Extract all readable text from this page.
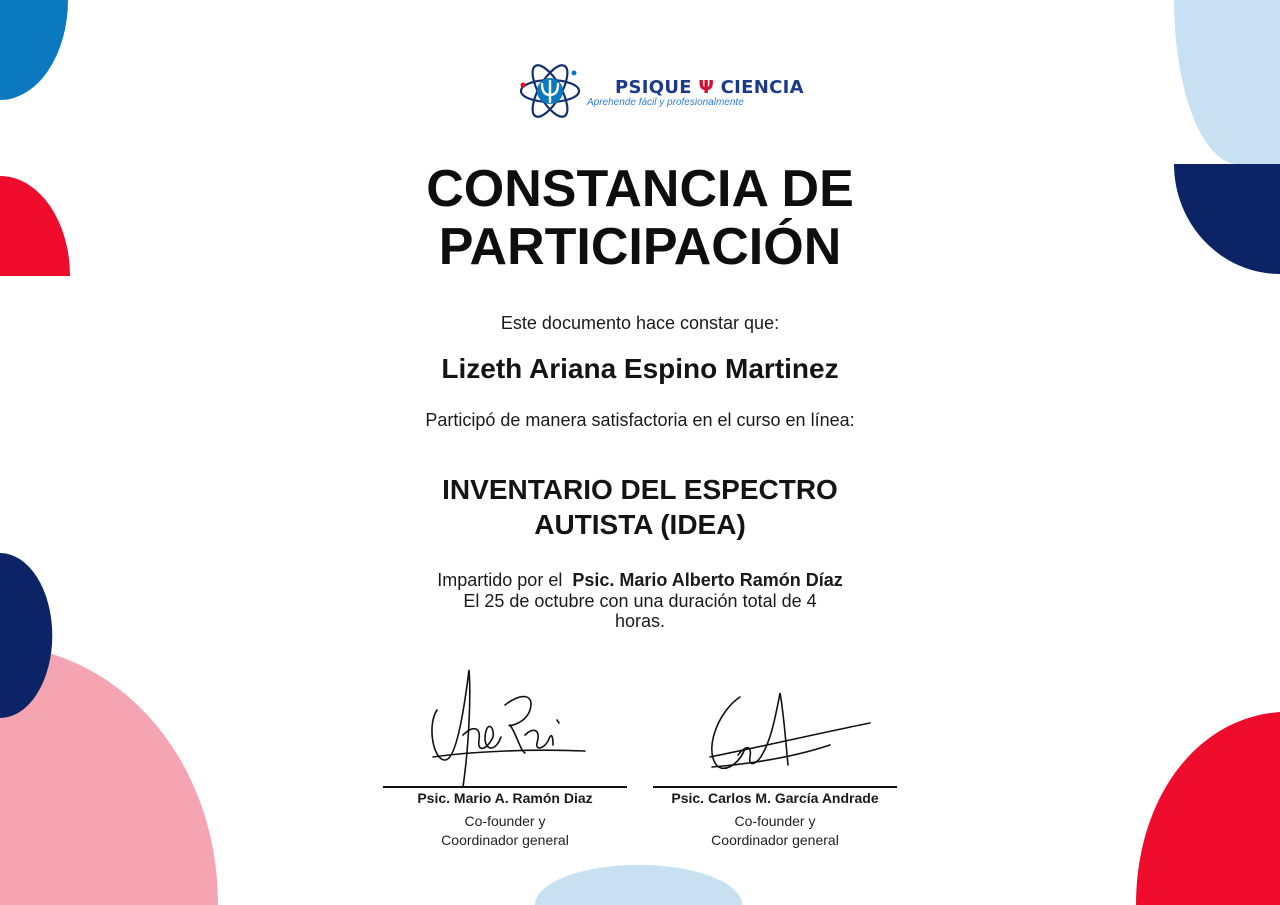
PSIQUE Ψ CIENCIA
Aprehende fácil y profesionalmente
CONSTANCIA DE
PARTICIPACIÓN
Este documento hace constar que:
Lizeth Ariana Espino Martinez
Participó de manera satisfactoria en el curso en línea:
INVENTARIO DEL ESPECTRO
AUTISTA (IDEA)
Impartido por el Psic. Mario Alberto Ramón Díaz
El 25 de octubre con una duración total de 4
horas.
Psic. Mario A. Ramón Diaz
Co-founder y
Coordinador general
Psic. Carlos M. García Andrade
Co-founder y
Coordinador general
